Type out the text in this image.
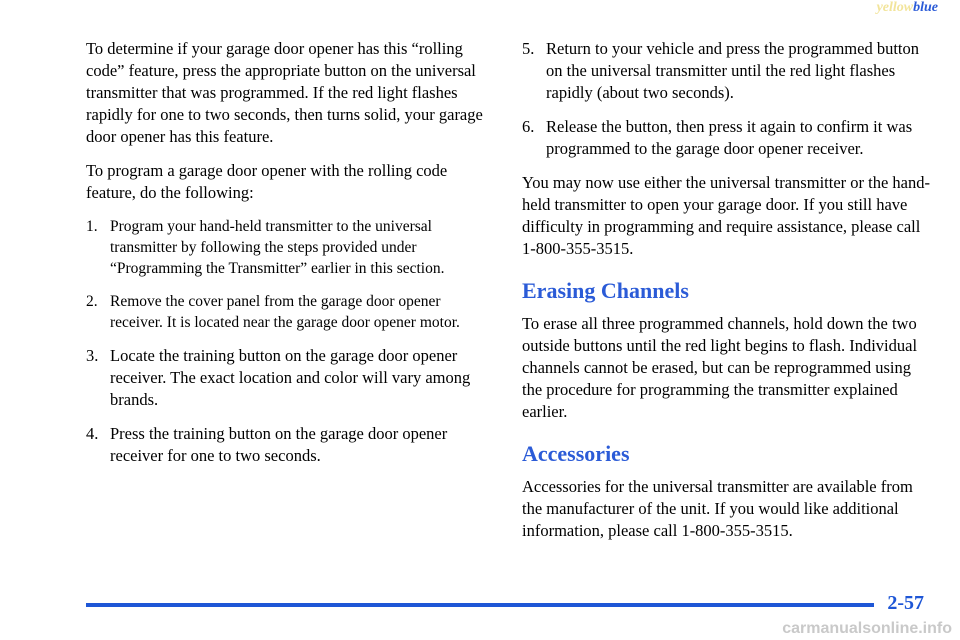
yellowblue

To determine if your garage door opener has this “rolling code” feature, press the appropriate button on the universal transmitter that was programmed. If the red light flashes rapidly for one to two seconds, then turns solid, your garage door opener has this feature.

To program a garage door opener with the rolling code feature, do the following:

1. Program your hand-held transmitter to the universal transmitter by following the steps provided under “Programming the Transmitter” earlier in this section.
2. Remove the cover panel from the garage door opener receiver. It is located near the garage door opener motor.
3. Locate the training button on the garage door opener receiver. The exact location and color will vary among brands.
4. Press the training button on the garage door opener receiver for one to two seconds.
5. Return to your vehicle and press the programmed button on the universal transmitter until the red light flashes rapidly (about two seconds).
6. Release the button, then press it again to confirm it was programmed to the garage door opener receiver.

You may now use either the universal transmitter or the hand-held transmitter to open your garage door. If you still have difficulty in programming and require assistance, please call 1-800-355-3515.

Erasing Channels

To erase all three programmed channels, hold down the two outside buttons until the red light begins to flash. Individual channels cannot be erased, but can be reprogrammed using the procedure for programming the transmitter explained earlier.

Accessories

Accessories for the universal transmitter are available from the manufacturer of the unit. If you would like additional information, please call 1-800-355-3515.

2-57
carmanualsonline.info
